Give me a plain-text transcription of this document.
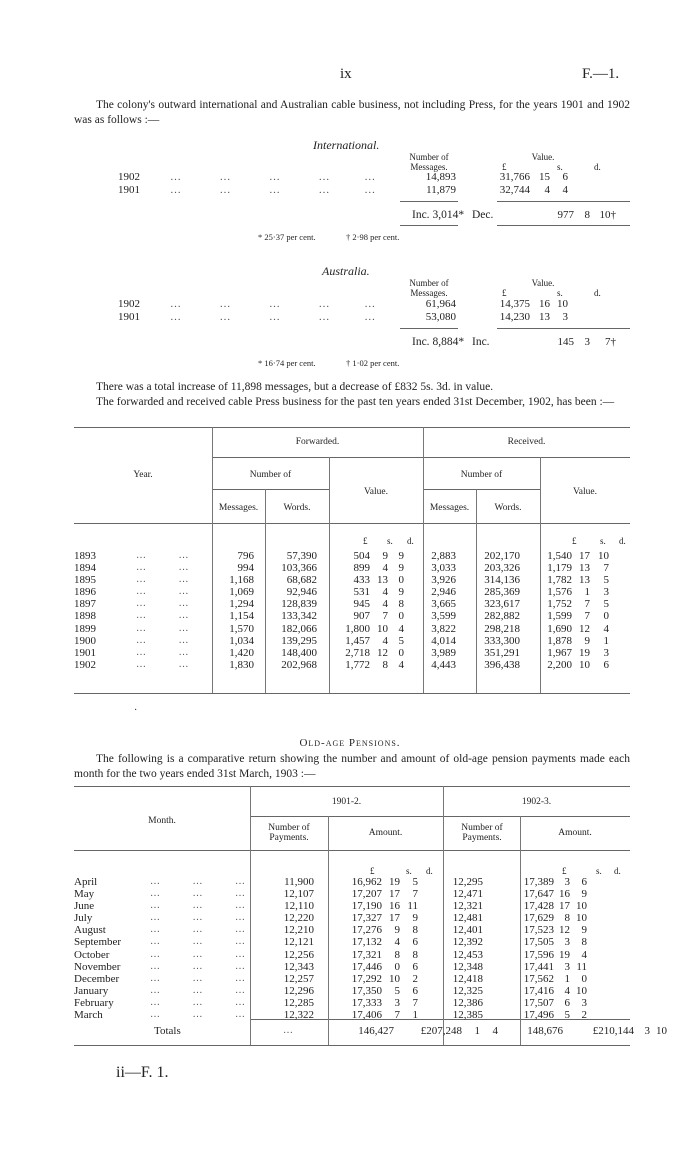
ix	F.—1.

The colony's outward international and Australian cable business, not including Press, for the years 1901 and 1902 was as follows :—

International.
Number of Messages.
Value.
£	s.	d.
1902	…          …          …          …         …	14,893	31,766	15	6
1901	…          …          …          …         …	11,879	32,744	4	4
Inc. 3,014* Dec.	977	8	10†
* 25·37 per cent.	† 2·98 per cent.
Australia.
Number of Messages.
Value.
£	s.	d.
1902	…          …          …          …         …	61,964	14,375	16	10
1901	…          …          …          …         …	53,080	14,230	13	3
Inc. 8,884* Inc.	145	3	7†
* 16·74 per cent.	† 1·02 per cent.

There was a total increase of 11,898 messages, but a decrease of £832 5s. 3d. in value.

The forwarded and received cable Press business for the past ten years ended 31st December, 1902, has been :—

Forwarded.	Received.
Year.	Number of	Number of
Value.	Value.
Messages.	Words.	Messages.	Words.
£ s. d.	£	s. d.
1893	…         …	796	57,390	504	9	9	2,883	202,170	1,540	17	10
1894	…         …	994	103,366	899	4	9	3,033	203,326	1,179	13	7
1895	…         …	1,168	68,682	433	13	0	3,926	314,136	1,782	13	5
1896	…         …	1,069	92,946	531	4	9	2,946	285,369	1,576	1	3
1897	…         …	1,294	128,839	945	4	8	3,665	323,617	1,752	7	5
1898	…         …	1,154	133,342	907	7	0	3,599	282,882	1,599	7	0
1899	…         …	1,570	182,066	1,800	10	4	3,822	298,218	1,690	12	4
1900	…         …	1,034	139,295	1,457	4	5	4,014	333,300	1,878	9	1
1901	…         …	1,420	148,400	2,718	12	0	3,989	351,291	1,967	19	3
1902	…         …	1,830	202,968	1,772	8	4	4,443	396,438	2,200	10	6
·
Old-age Pensions.

The following is a comparative return showing the number and amount of old-age pension payments made each month for the two years ended 31st March, 1903 :—

Month.
1901-2.	1902-3.
Number of Payments.	Amount.	Number of Payments.	Amount.
£	s. d.	£	s. d.
April	…         …         …	11,900	16,962	19	5	12,295	17,389	3	6
May	…         …         …	12,107	17,207	17	7	12,471	17,647	16	9
June	…         …         …	12,110	17,190	16	11	12,321	17,428	17	10
July	…         …         …	12,220	17,327	17	9	12,481	17,629	8	10
August	…         …         …	12,210	17,276	9	8	12,401	17,523	12	9
September	…         …         …	12,121	17,132	4	6	12,392	17,505	3	8
October	…         …         …	12,256	17,321	8	8	12,453	17,596	19	4
November	…         …         …	12,343	17,446	0	6	12,348	17,441	3	11
December	…         …         …	12,257	17,292	10	2	12,418	17,562	1	0
January	…         …         …	12,296	17,350	5	6	12,325	17,416	4	10
February	…         …         …	12,285	17,333	3	7	12,386	17,507	6	3
March	…         …         …	12,322	17,406	7	1	12,385	17,496	5	2
Totals	…	146,427	£207,248	1	4	148,676	£210,144	3	10
ii—F. 1.
